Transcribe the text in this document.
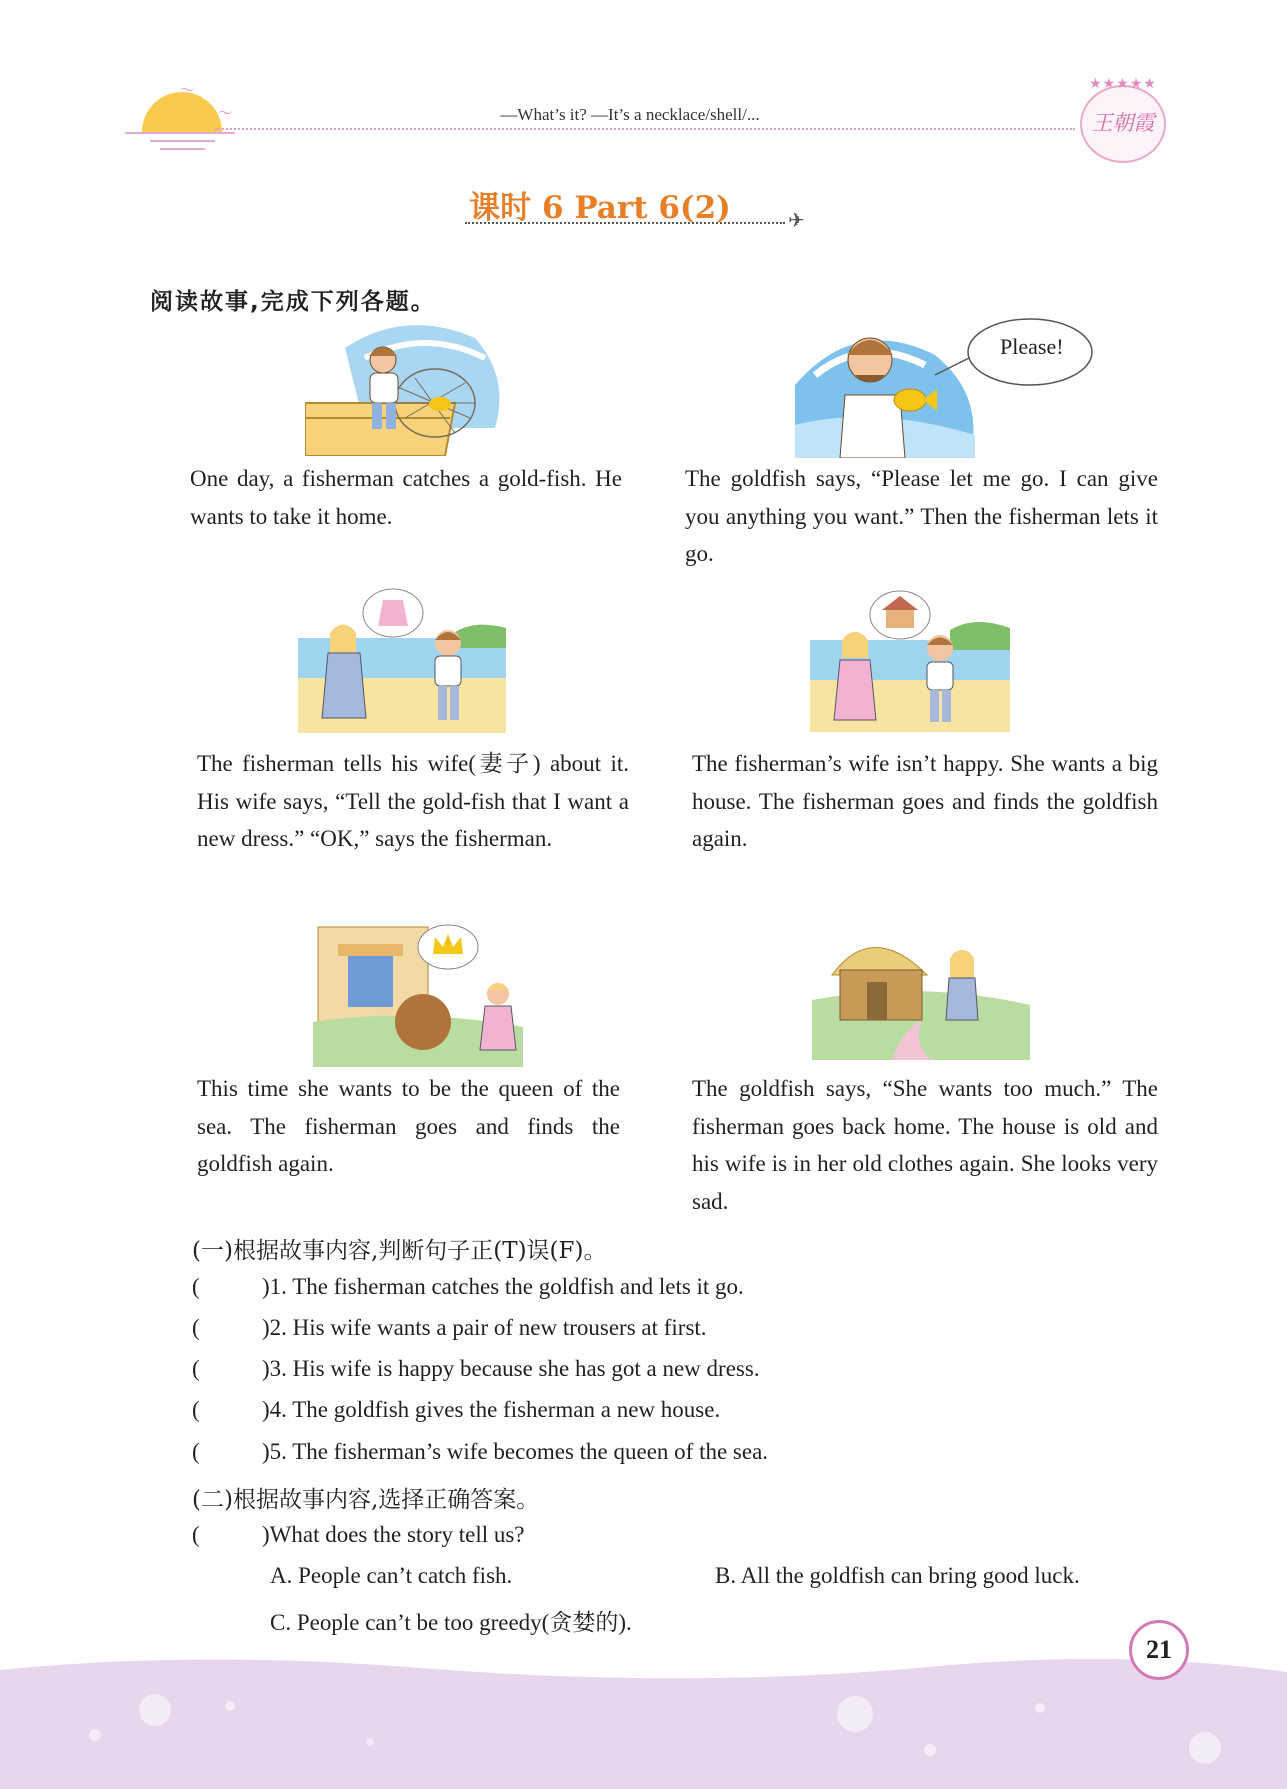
〜
〜	—What’s it? —It’s a necklace/shell/...
★★★★★
王朝霞
课时 6 Part 6(2)	✈
阅读故事,完成下列各题。
One day, a fisherman catches a gold-fish. He wants to take it home.
Please!
The goldfish says, “Please let me go. I can give you anything you want.” Then the fisherman lets it go.
The fisherman tells his wife(妻子) about it. His wife says, “Tell the gold-fish that I want a new dress.” “OK,” says the fisherman.
The fisherman’s wife isn’t happy. She wants a big house. The fisherman goes and finds the goldfish again.
This time she wants to be the queen of the sea. The fisherman goes and finds the goldfish again.
The goldfish says, “She wants too much.” The fisherman goes back home. The house is old and his wife is in her old clothes again. She looks very sad.
(一)根据故事内容,判断句子正(T)误(F)。
(	)1. The fisherman catches the goldfish and lets it go.
(	)2. His wife wants a pair of new trousers at first.
(	)3. His wife is happy because she has got a new dress.
(	)4. The goldfish gives the fisherman a new house.
(	)5. The fisherman’s wife becomes the queen of the sea.
(二)根据故事内容,选择正确答案。
(	)What does the story tell us?
A. People can’t catch fish.	B. All the goldfish can bring good luck.
C. People can’t be too greedy(贪婪的).
21
